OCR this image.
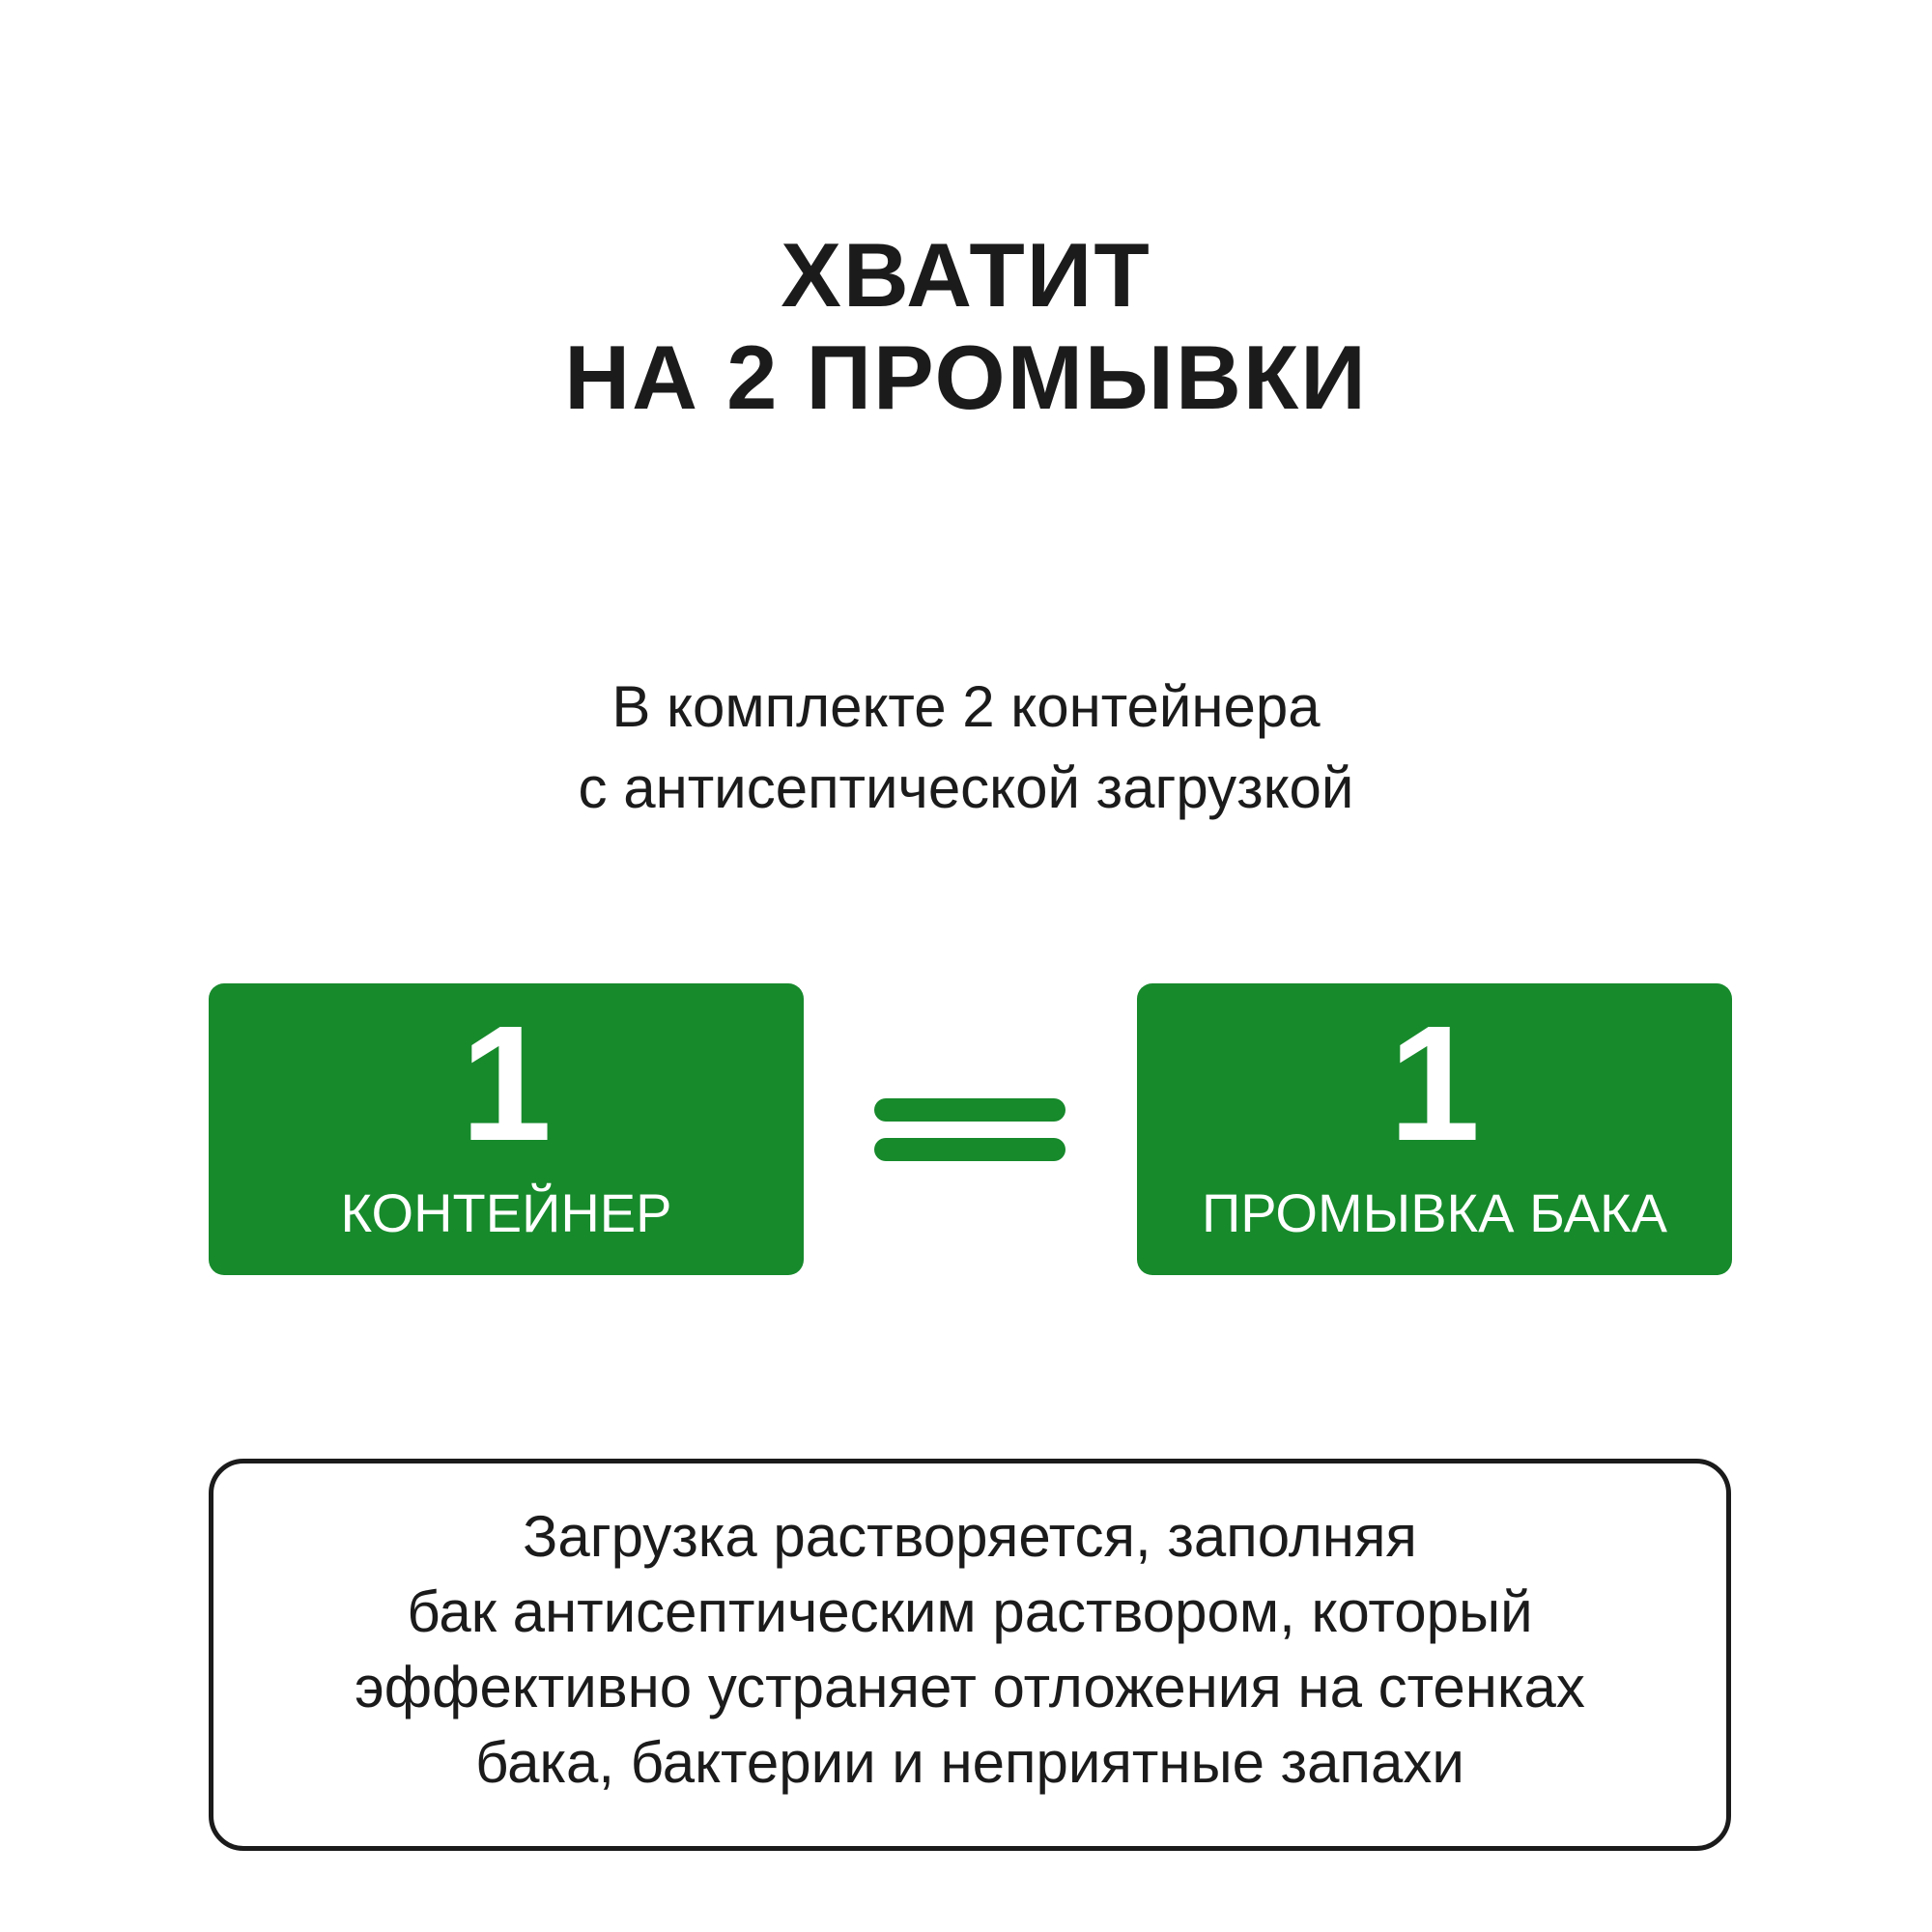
ХВАТИТ
НА 2 ПРОМЫВКИ
В комплекте 2 контейнера
с антисептической загрузкой
1
КОНТЕЙНЕР
1
ПРОМЫВКА БАКА
Загрузка растворяется, заполняя
бак антисептическим раствором, который
эффективно устраняет отложения на стенках
бака, бактерии и неприятные запахи
